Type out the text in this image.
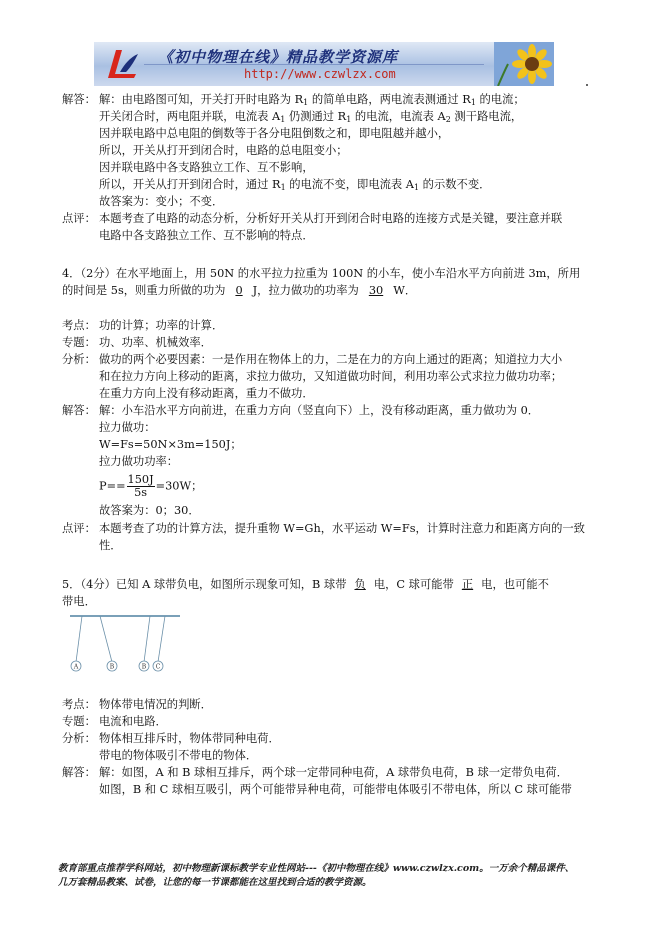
《初中物理在线》精品教学资源库
http://www.czwlzx.com
解答： 解：由电路图可知，开关打开时电路为 $R_1$ 的简单电路，两电流表测通过 $R_1$ 的电流；
开关闭合时，两电阻并联，电流表 $A_1$ 仍测通过 $R_1$ 的电流，电流表 $A_2$ 测干路电流，
因并联电路中总电阻的倒数等于各分电阻倒数之和，即电阻越并越小，
所以，开关从打开到闭合时，电路的总电阻变小；
因并联电路中各支路独立工作、互不影响，
所以，开关从打开到闭合时，通过 $R_1$ 的电流不变，即电流表 $A_1$ 的示数不变．
故答案为：变小；不变．
点评： 本题考查了电路的动态分析，分析好开关从打开到闭合时电路的连接方式是关键，要注意并联
电路中各支路独立工作、互不影响的特点．
4．（2分）在水平地面上，用 50N 的水平拉力拉重为 100N 的小车，使小车沿水平方向前进 3m，所用
的时间是 5s，则重力所做的功为 0 J，拉力做功的功率为 30 W．
考点： 功的计算；功率的计算．
专题： 功、功率、机械效率．
分析： 做功的两个必要因素：一是作用在物体上的力，二是在力的方向上通过的距离；知道拉力大小
和在拉力方向上移动的距离，求拉力做功，又知道做功时间，利用功率公式求拉力做功功率；
在重力方向上没有移动距离，重力不做功．
解答： 解：小车沿水平方向前进，在重力方向（竖直向下）上，没有移动距离，重力做功为 0．
拉力做功：
W=Fs=50N×3m=150J；
拉力做功功率：
$P== \frac{150J}{5s} =30W$；
故答案为：0；30．
点评： 本题考查了功的计算方法，提升重物 W=Gh，水平运动 W=Fs，计算时注意力和距离方向的一致
性．
5．（4分）已知 A 球带负电，如图所示现象可知，B 球带 负 电，C 球可能带 正 电，也可能不
带电．
A	B	B C
考点： 物体带电情况的判断．
专题： 电流和电路．
分析： 物体相互排斥时，物体带同种电荷．
带电的物体吸引不带电的物体．
解答： 解：如图，A 和 B 球相互排斥，两个球一定带同种电荷，A 球带负电荷，B 球一定带负电荷．
如图，B 和 C 球相互吸引，两个可能带异种电荷，可能带电体吸引不带电体，所以 C 球可能带
教育部重点推荐学科网站，初中物理新课标教学专业性网站---《初中物理在线》www.czwlzx.com。一万余个精品课件、
几万套精品教案、试卷，让您的每一节课都能在这里找到合适的教学资源。
